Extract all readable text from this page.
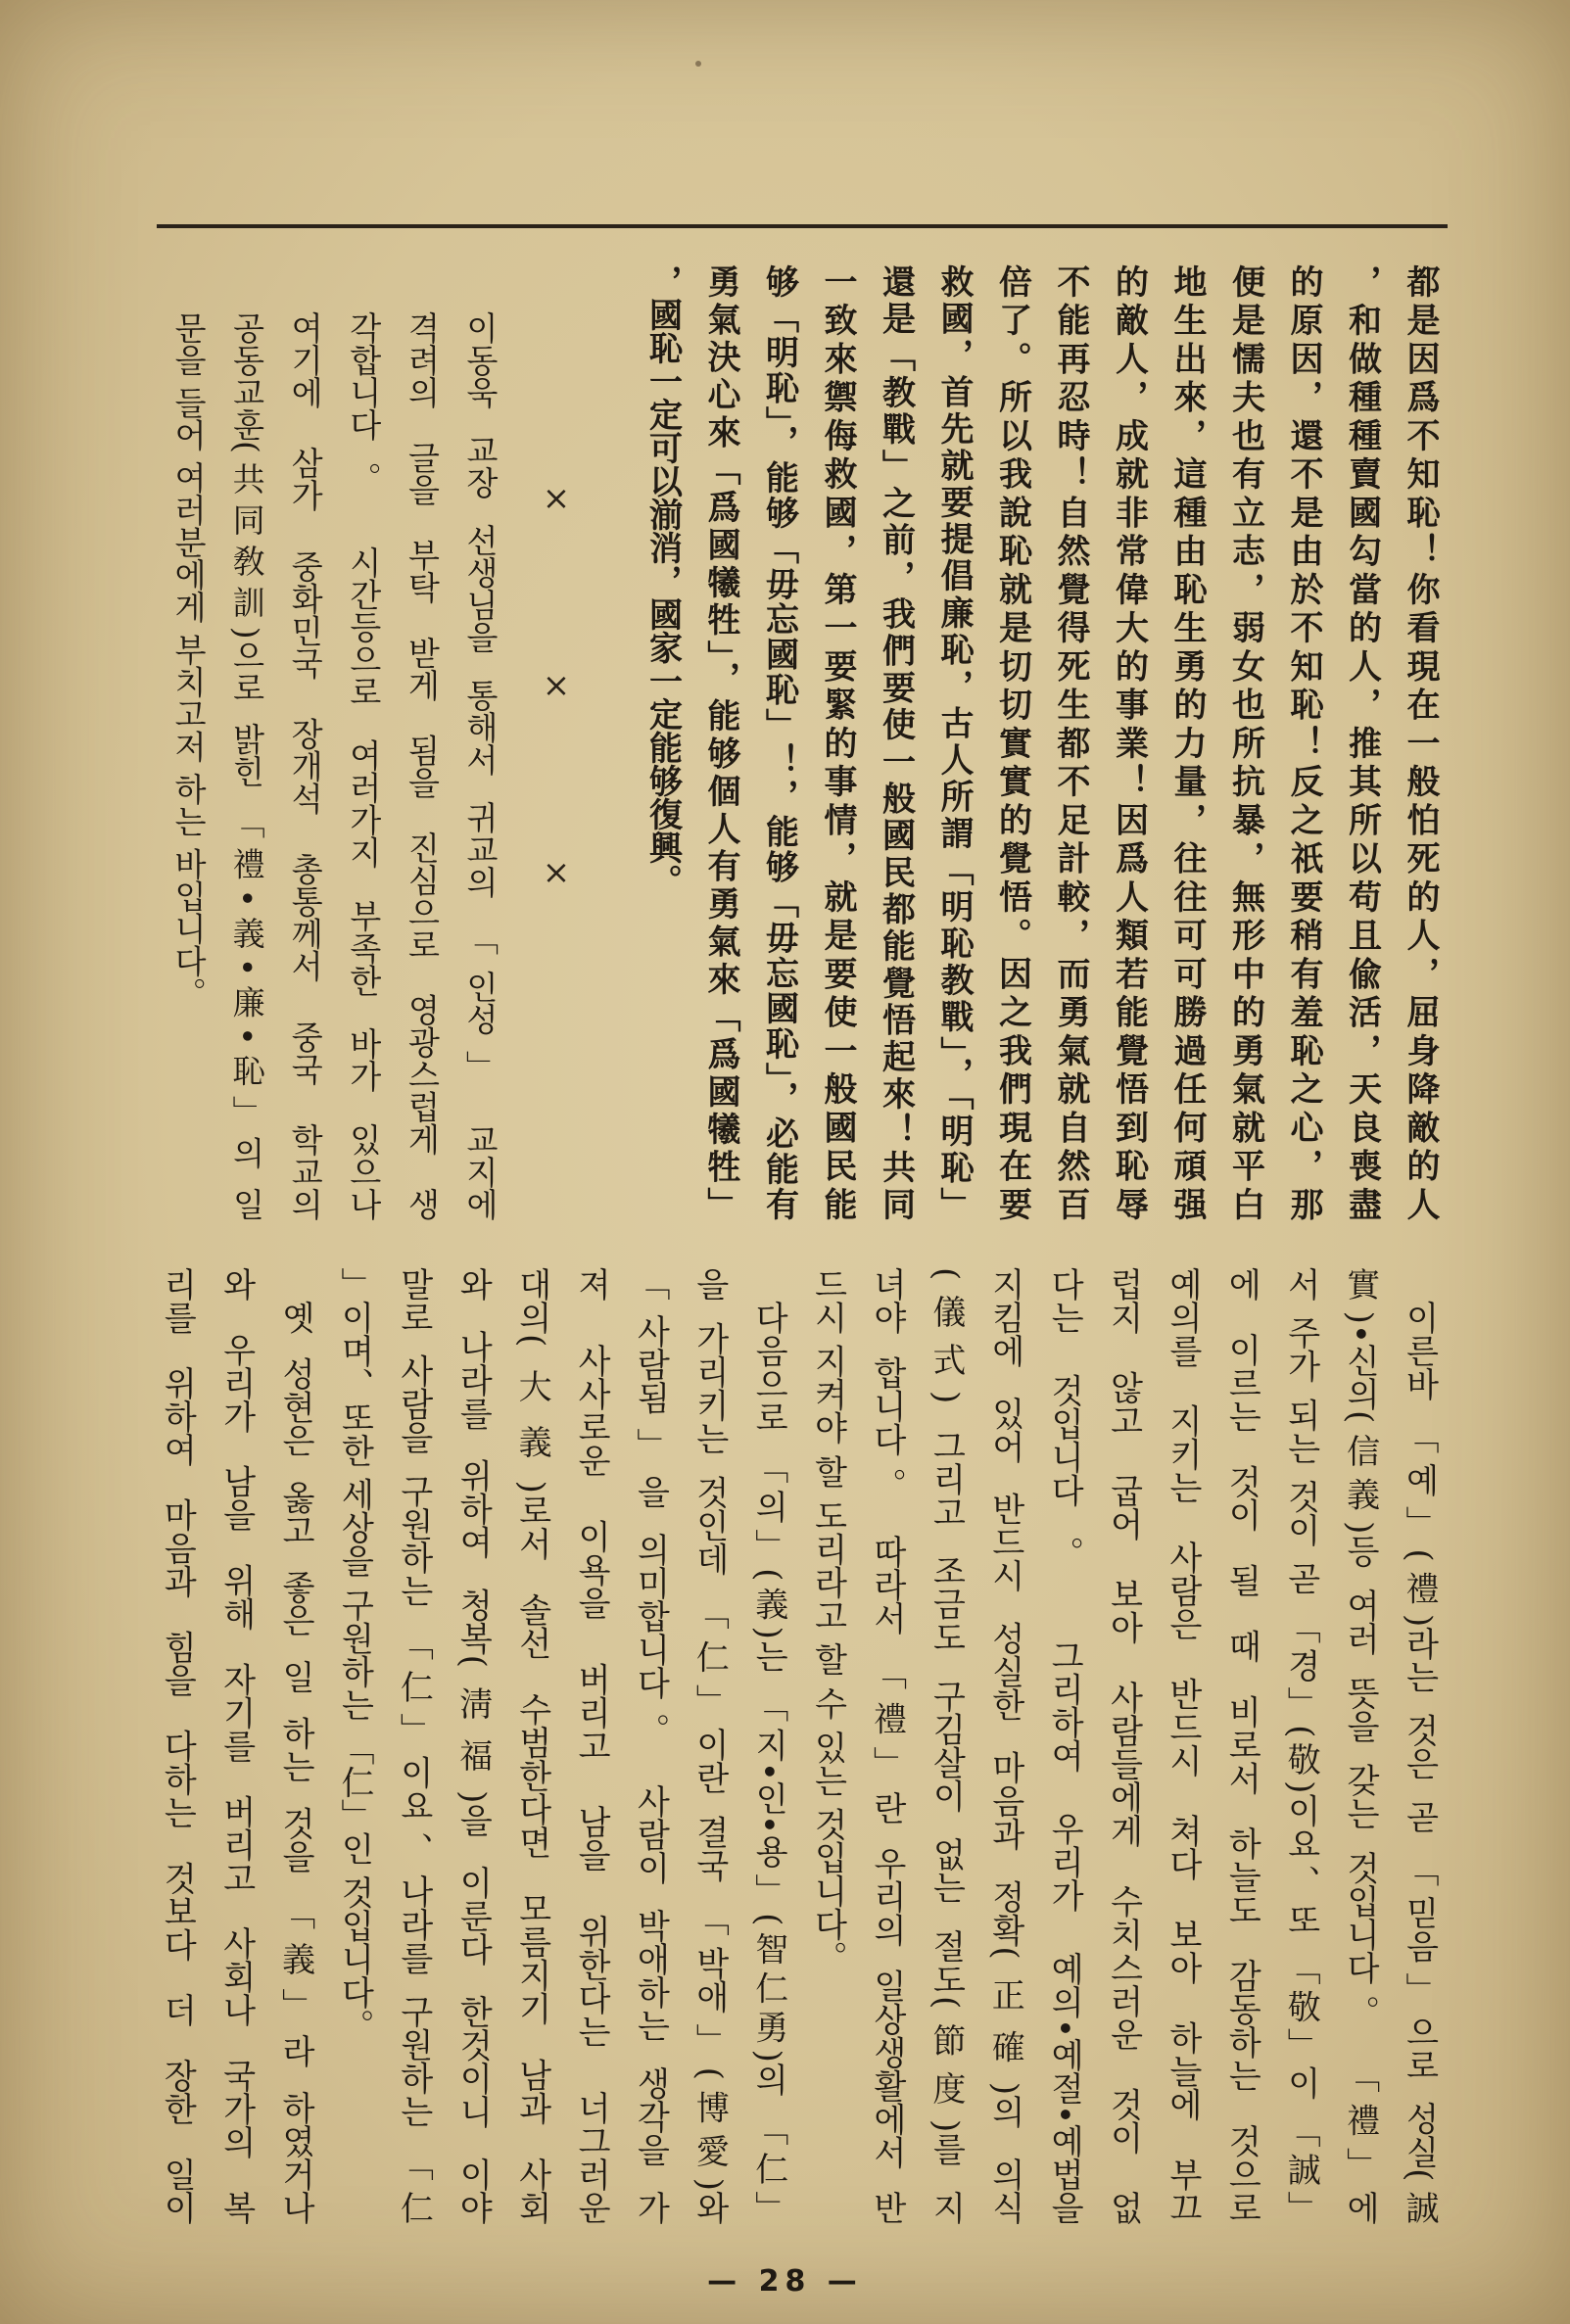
都是因爲不知恥！你看現在一般怕死的人，屈身降敵的人
，和做種種賣國勾當的人，推其所以苟且偸活，天良喪盡
的原因，還不是由於不知恥！反之祇要稍有羞恥之心，那
便是懦夫也有立志，弱女也所抗暴，無形中的勇氣就平白
地生出來，這種由恥生勇的力量，往往可可勝過任何頑强
的敵人，成就非常偉大的事業！因爲人類若能覺悟到恥辱
不能再忍時！自然覺得死生都不足計較，而勇氣就自然百
倍了。所以我說恥就是切切實實的覺悟。因之我們現在要
救國，首先就要提倡廉恥，古人所謂「明恥教戰」，「明恥」
還是「教戰」之前，我們要使一般國民都能覺悟起來！共同
一致來禦侮救國，第一要緊的事情，就是要使一般國民能
够「明恥」，能够「毋忘國恥」！，能够「毋忘國恥」，必能有
勇氣決心來「爲國犧牲」，能够個人有勇氣來「爲國犧牲」
，國恥一定可以湔消，國家一定能够復興。
×
×
×
이동욱 교장 선생님을 통해서 귀교의 「인성」 교지에
격려의 글을 부탁 받게 됨을 진심으로 영광스럽게 생
각합니다。 시간등으로 여러가지 부족한 바가 있으나
여기에 삼가 중화민국 장개석 총통께서 중국 학교의
공동교훈(共同敎訓)으로 밝힌 「禮•義•廉•恥」의 일
문을 들어 여러분에게 부치고저 하는 바입니다。
이른바 「예」(禮)라는 것은 곧 「믿음」으로 성실(誠
實)•신의(信義)등 여러 뜻을 갖는 것입니다。 「禮」에
서 주가 되는 것이 곧 「경」(敬)이요、또 「敬」이 「誠」
에 이르는 것이 될 때 비로서 하늘도 감동하는 것으로
예의를 지키는 사람은 반드시 쳐다 보아 하늘에 부끄
럽지 않고 굽어 보아 사람들에게 수치스러운 것이 없
다는 것입니다。 그리하여 우리가 예의•예절•예법을
지킴에 있어 반드시 성실한 마음과 정확(正確)의 의식
(儀式) 그리고 조금도 구김살이 없는 절도(節度)를 지
녀야 합니다。 따라서 「禮」란 우리의 일상생활에서 반
드시 지켜야 할 도리라고 할 수 있는 것입니다。
다음으로 「의」(義)는 「지•인•용」(智仁勇)의 「仁」
을 가리키는 것인데 「仁」이란 결국 「박애」(博愛)와
「사람됨」을 의미합니다。 사람이 박애하는 생각을 가
져 사사로운 이욕을 버리고 남을 위한다는 너그러운
대의(大義)로서 솔선 수범한다면 모름지기 남과 사회
와 나라를 위하여 청복(淸福)을 이룬다 한것이니 이야
말로 사람을 구원하는 「仁」이요、나라를 구원하는 「仁
」이며、또한 세상을 구원하는 「仁」인 것입니다。
옛 성현은 옳고 좋은 일 하는 것을 「義」라 하였거나
와 우리가 남을 위해 자기를 버리고 사회나 국가의 복
리를 위하여 마음과 힘을 다하는 것보다 더 장한 일이
— 28 —
